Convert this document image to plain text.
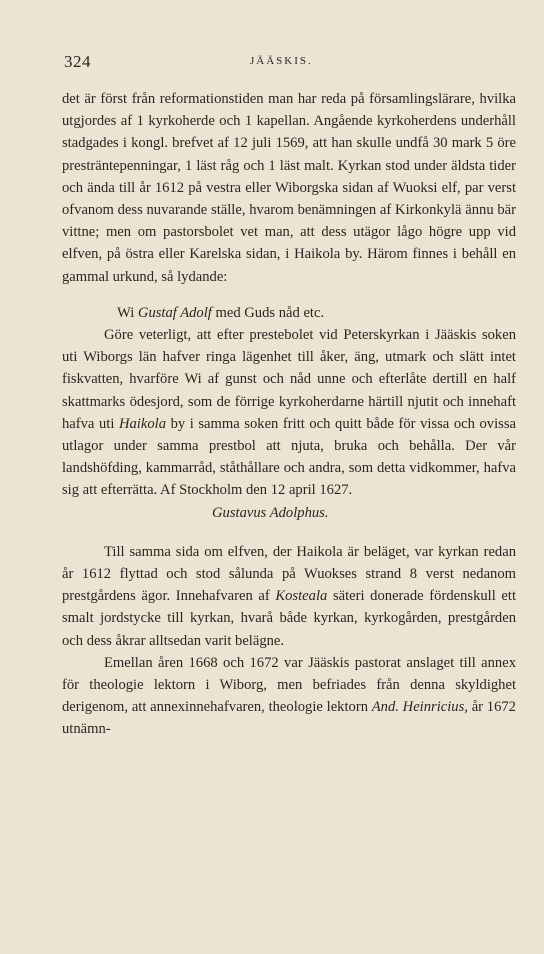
324	JÄÄSKIS.

det är först från reformationstiden man har reda på församlingslärare, hvilka utgjordes af 1 kyrkoherde och 1 kapellan. Angående kyrkoherdens underhåll stadgades i kongl. brefvet af 12 juli 1569, att han skulle undfå 30 mark 5 öre presträntepenningar, 1 läst råg och 1 läst malt. Kyrkan stod under äldsta tider och ända till år 1612 på vestra eller Wiborgska sidan af Wuoksi elf, par verst ofvanom dess nuvarande ställe, hvarom benämningen af Kirkonkylä ännu bär vittne; men om pastorsbolet vet man, att dess utägor lågo högre upp vid elfven, på östra eller Karelska sidan, i Haikola by. Härom finnes i behåll en gammal urkund, så lydande:

Wi Gustaf Adolf med Guds nåd etc.

Göre veterligt, att efter prestebolet vid Peterskyrkan i Jääskis soken uti Wiborgs län hafver ringa lägenhet till åker, äng, utmark och slätt intet fiskvatten, hvarföre Wi af gunst och nåd unne och efterlåte dertill en half skattmarks ödesjord, som de förrige kyrkoherdarne härtill njutit och innehaft hafva uti Haikola by i samma soken fritt och quitt både för vissa och ovissa utlagor under samma prestbol att njuta, bruka och behålla. Der vår landshöfding, kammarråd, ståthållare och andra, som detta vidkommer, hafva sig att efterrätta. Af Stockholm den 12 april 1627.

Gustavus Adolphus.

Till samma sida om elfven, der Haikola är beläget, var kyrkan redan år 1612 flyttad och stod sålunda på Wuokses strand 8 verst nedanom prestgårdens ägor. Innehafvaren af Kosteala säteri donerade fördenskull ett smalt jordstycke till kyrkan, hvarå både kyrkan, kyrkogården, prestgården och dess åkrar alltsedan varit belägne.

Emellan åren 1668 och 1672 var Jääskis pastorat anslaget till annex för theologie lektorn i Wiborg, men befriades från denna skyldighet derigenom, att annexinnehafvaren, theologie lektorn And. Heinricius, år 1672 utnämn-
